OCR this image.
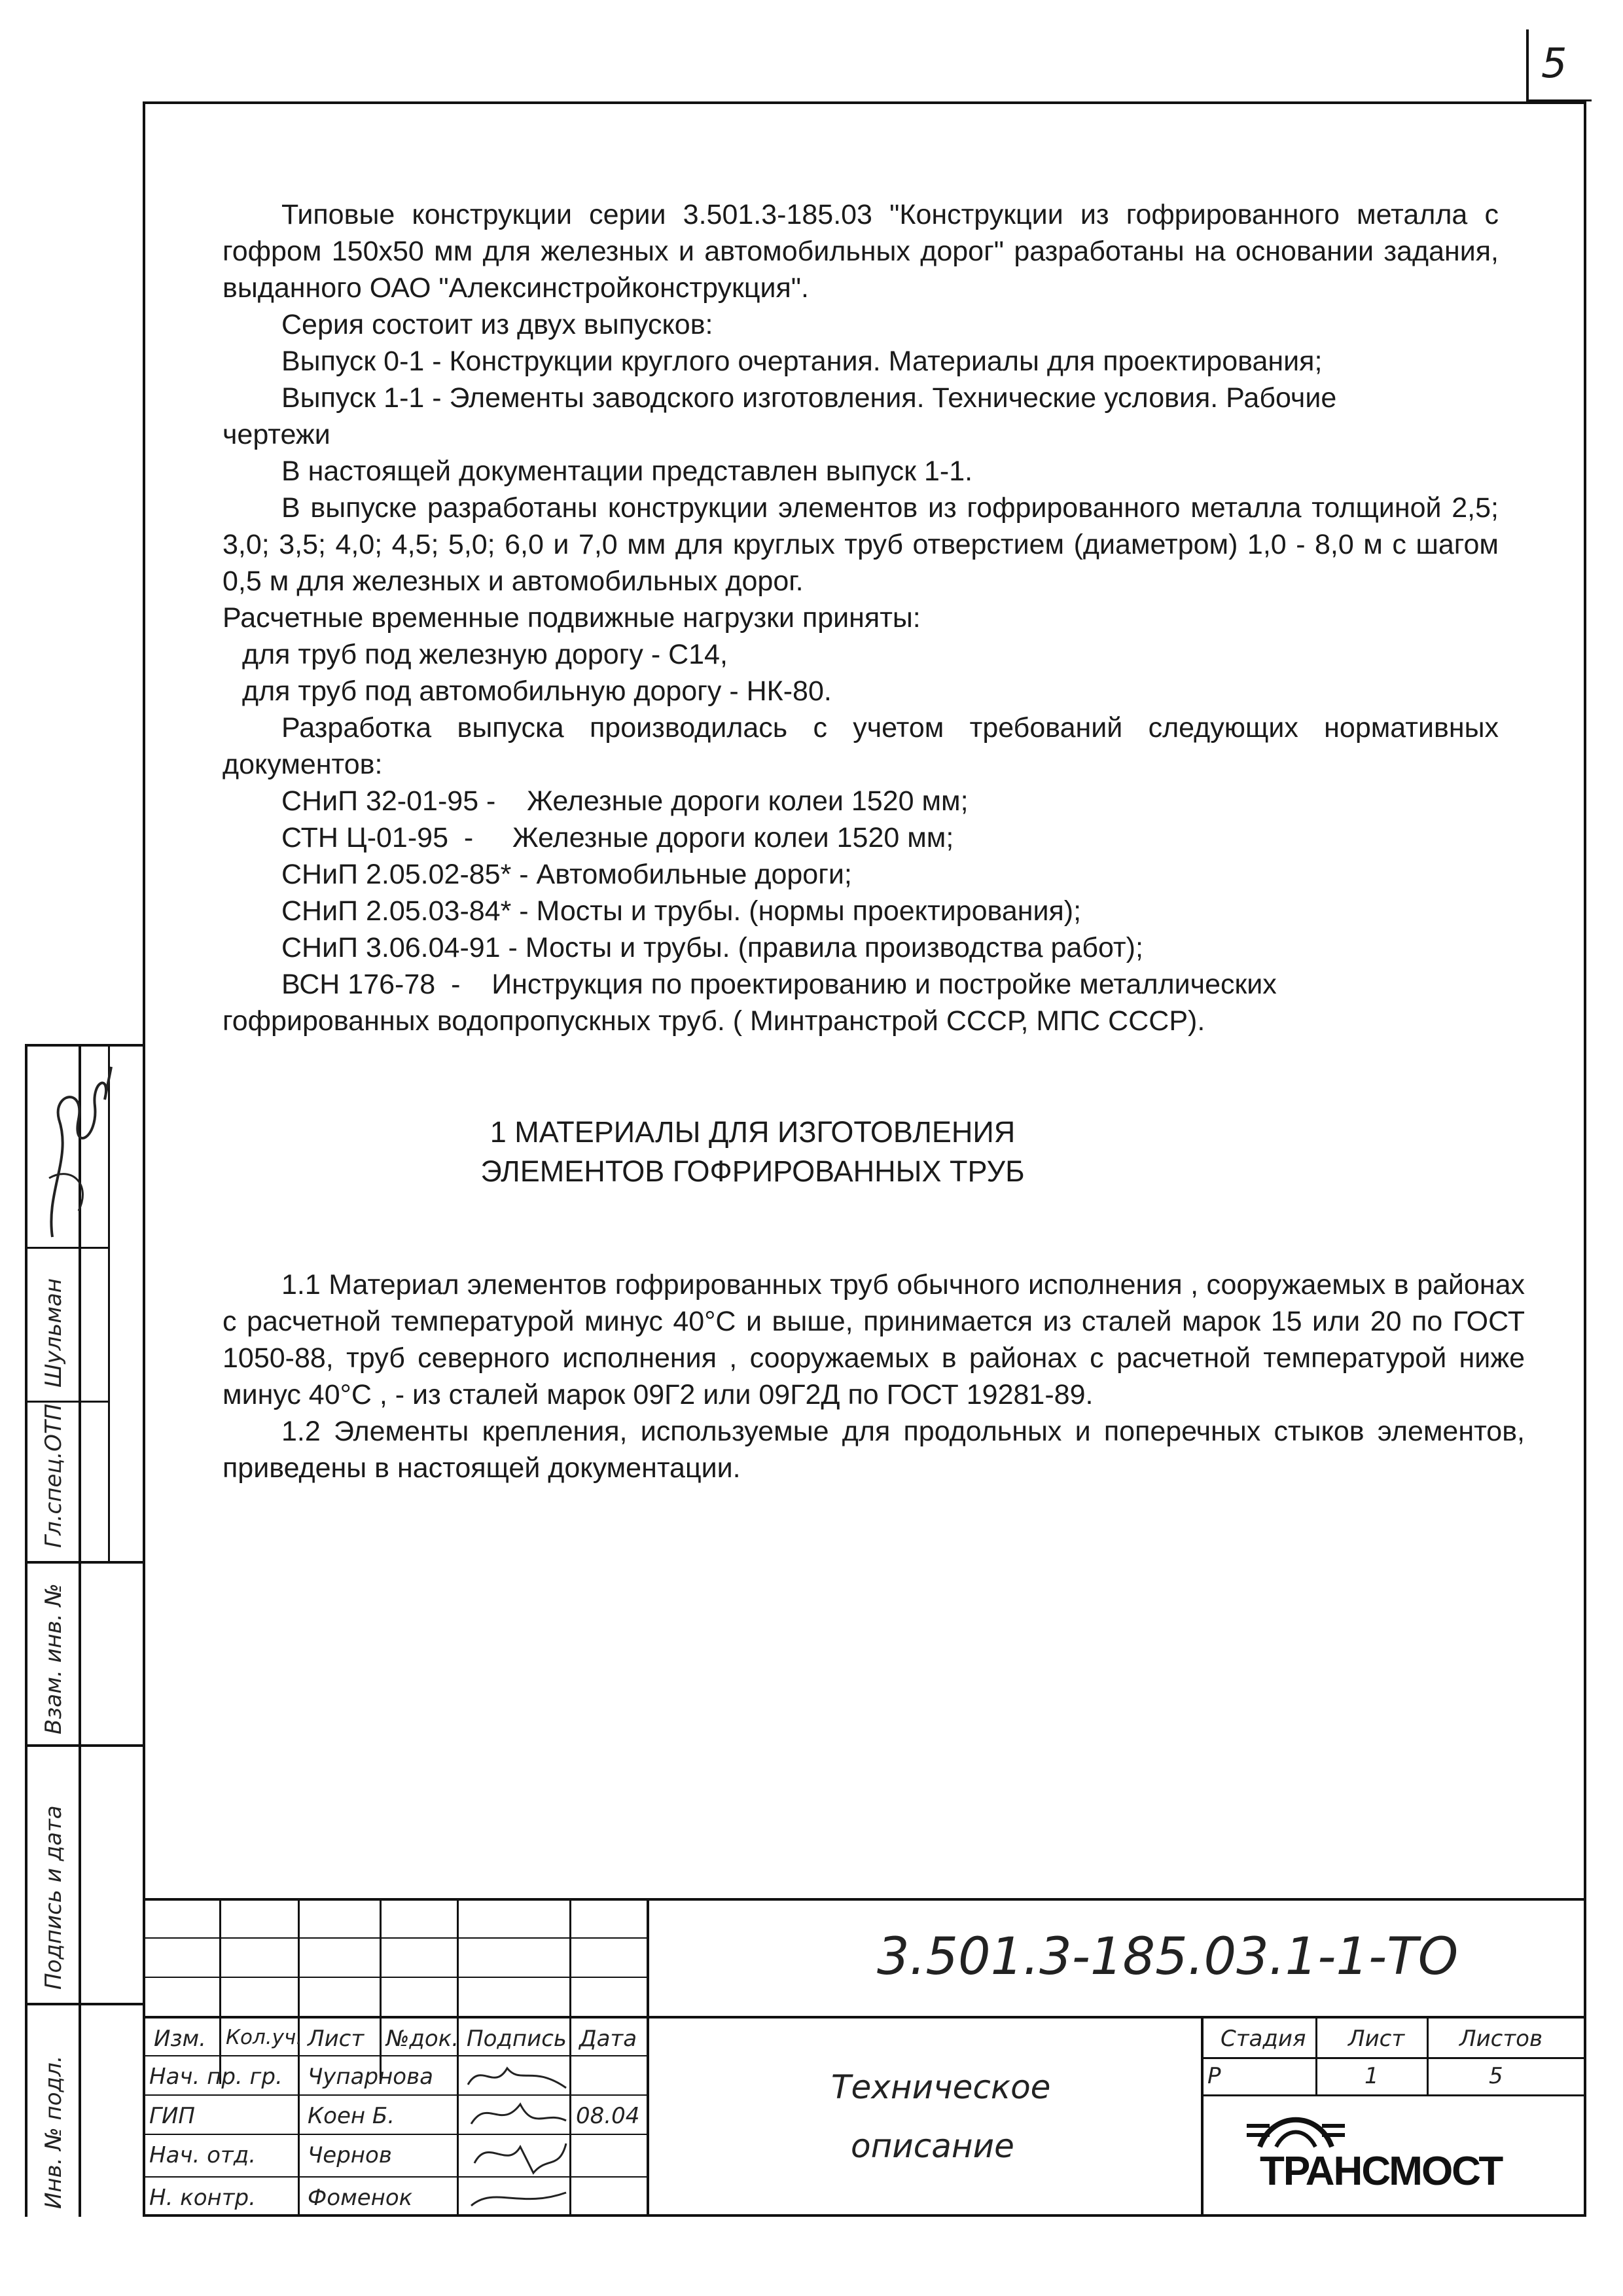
5

Типовые конструкции серии 3.501.3-185.03 "Конструкции из гофрированного металла с гофром 150х50 мм для железных и автомобильных дорог" разработаны на основании задания, выданного ОАО "Алексинстройконструкция".

Серия состоит из двух выпусков:

Выпуск 0-1 - Конструкции круглого очертания. Материалы для проектирования;

Выпуск 1-1 - Элементы заводского изготовления. Технические условия. Рабочие

чертежи

В настоящей документации представлен выпуск 1-1.

В выпуске разработаны конструкции элементов из гофрированного металла толщиной 2,5; 3,0; 3,5; 4,0; 4,5; 5,0; 6,0 и 7,0 мм для круглых труб отверстием (диаметром) 1,0 - 8,0 м с шагом 0,5 м для железных и автомобильных дорог.

Расчетные временные подвижные нагрузки приняты:

для труб под железную дорогу - С14,

для труб под автомобильную дорогу - НК-80.

Разработка выпуска производилась с учетом требований следующих нормативных документов:

СНиП 32-01-95 -    Железные дороги колеи 1520 мм;

СТН Ц-01-95  -     Железные дороги колеи 1520 мм;

СНиП 2.05.02-85* - Автомобильные дороги;

СНиП 2.05.03-84* - Мосты и трубы. (нормы проектирования);

СНиП 3.06.04-91 - Мосты и трубы. (правила производства работ);

ВСН 176-78  -    Инструкция по проектированию и постройке металлических

гофрированных водопропускных труб. ( Минтранстрой СССР, МПС СССР).

1 МАТЕРИАЛЫ ДЛЯ ИЗГОТОВЛЕНИЯ
ЭЛЕМЕНТОВ ГОФРИРОВАННЫХ ТРУБ

1.1 Материал элементов гофрированных труб обычного исполнения , сооружаемых в районах с расчетной температурой минус 40°С и выше, принимается из сталей марок 15 или 20 по ГОСТ 1050-88, труб северного исполнения , сооружаемых в районах с расчетной температурой ниже минус 40°С , - из сталей марок 09Г2 или 09Г2Д по ГОСТ 19281-89.

1.2 Элементы крепления, используемые для продольных и поперечных стыков элементов, приведены в настоящей документации.

Гл.спец.ОТП
Шульман
Взам. инв. №
Подпись и дата
Инв. № подл.
3.501.3-185.03.1-1-ТО
Изм. Кол.уч. Лист №док. Подпись Дата
Нач. пр. гр. Чупарнова
ГИП	Коен Б.	08.04
Нач. отд. Чернов
Н. контр. Фоменок
Техническое
описание
Стадия Лист Листов
Р	1	5
ТРАНСМОСТ
